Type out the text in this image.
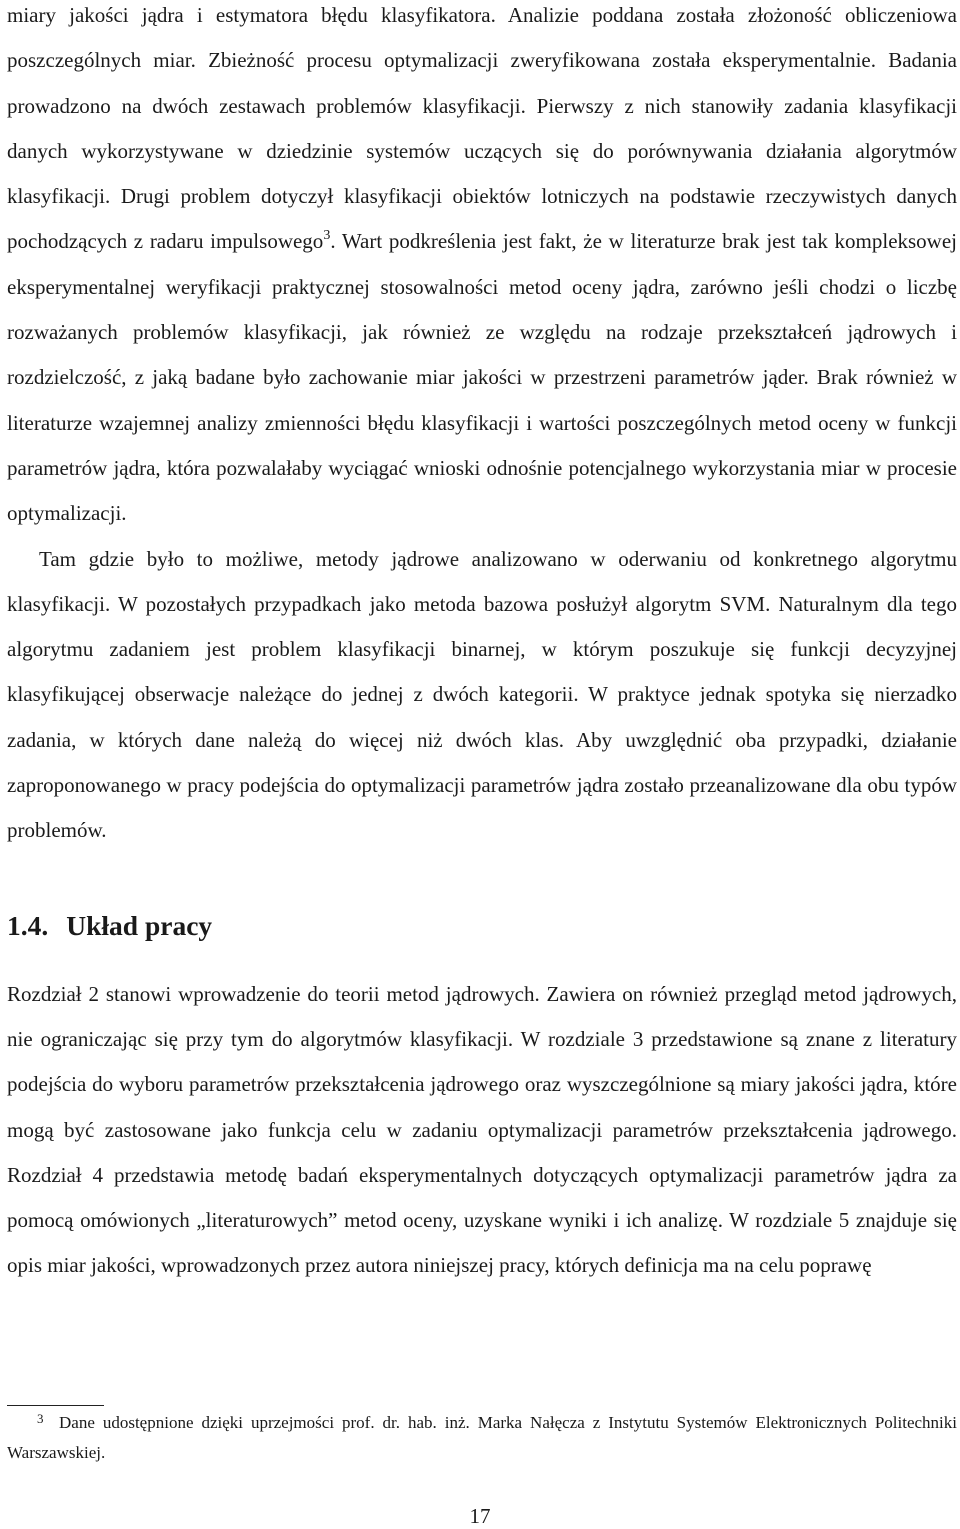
miary jakości jądra i estymatora błędu klasyfikatora. Analizie poddana została złożoność obliczeniowa poszczególnych miar. Zbieżność procesu optymalizacji zweryfikowana została eksperymentalnie. Badania prowadzono na dwóch zestawach problemów klasyfikacji. Pierwszy z nich stanowiły zadania klasyfikacji danych wykorzystywane w dziedzinie systemów uczących się do porównywania działania algorytmów klasyfikacji. Drugi problem dotyczył klasyfikacji obiektów lotniczych na podstawie rzeczywistych danych pochodzących z radaru impulsowego$^3$. Wart podkreślenia jest fakt, że w literaturze brak jest tak kompleksowej eksperymentalnej weryfikacji praktycznej stosowalności metod oceny jądra, zarówno jeśli chodzi o liczbę rozważanych problemów klasyfikacji, jak również ze względu na rodzaje przekształceń jądrowych i rozdzielczość, z jaką badane było zachowanie miar jakości w przestrzeni parametrów jąder. Brak również w literaturze wzajemnej analizy zmienności błędu klasyfikacji i wartości poszczególnych metod oceny w funkcji parametrów jądra, która pozwalałaby wyciągać wnioski odnośnie potencjalnego wykorzystania miar w procesie optymalizacji.

Tam gdzie było to możliwe, metody jądrowe analizowano w oderwaniu od konkretnego algorytmu klasyfikacji. W pozostałych przypadkach jako metoda bazowa posłużył algorytm SVM. Naturalnym dla tego algorytmu zadaniem jest problem klasyfikacji binarnej, w którym poszukuje się funkcji decyzyjnej klasyfikującej obserwacje należące do jednej z dwóch kategorii. W praktyce jednak spotyka się nierzadko zadania, w których dane należą do więcej niż dwóch klas. Aby uwzględnić oba przypadki, działanie zaproponowanego w pracy podejścia do optymalizacji parametrów jądra zostało przeanalizowane dla obu typów problemów.

1.4. Układ pracy

Rozdział 2 stanowi wprowadzenie do teorii metod jądrowych. Zawiera on również przegląd metod jądrowych, nie ograniczając się przy tym do algorytmów klasyfikacji. W rozdziale 3 przedstawione są znane z literatury podejścia do wyboru parametrów przekształcenia jądrowego oraz wyszczególnione są miary jakości jądra, które mogą być zastosowane jako funkcja celu w zadaniu optymalizacji parametrów przekształcenia jądrowego. Rozdział 4 przedstawia metodę badań eksperymentalnych dotyczących optymalizacji parametrów jądra za pomocą omówionych „literaturowych” metod oceny, uzyskane wyniki i ich analizę. W rozdziale 5 znajduje się opis miar jakości, wprowadzonych przez autora niniejszej pracy, których definicja ma na celu poprawę

3 Dane udostępnione dzięki uprzejmości prof. dr. hab. inż. Marka Nałęcza z Instytutu Systemów Elektronicznych Politechniki Warszawskiej.
17
